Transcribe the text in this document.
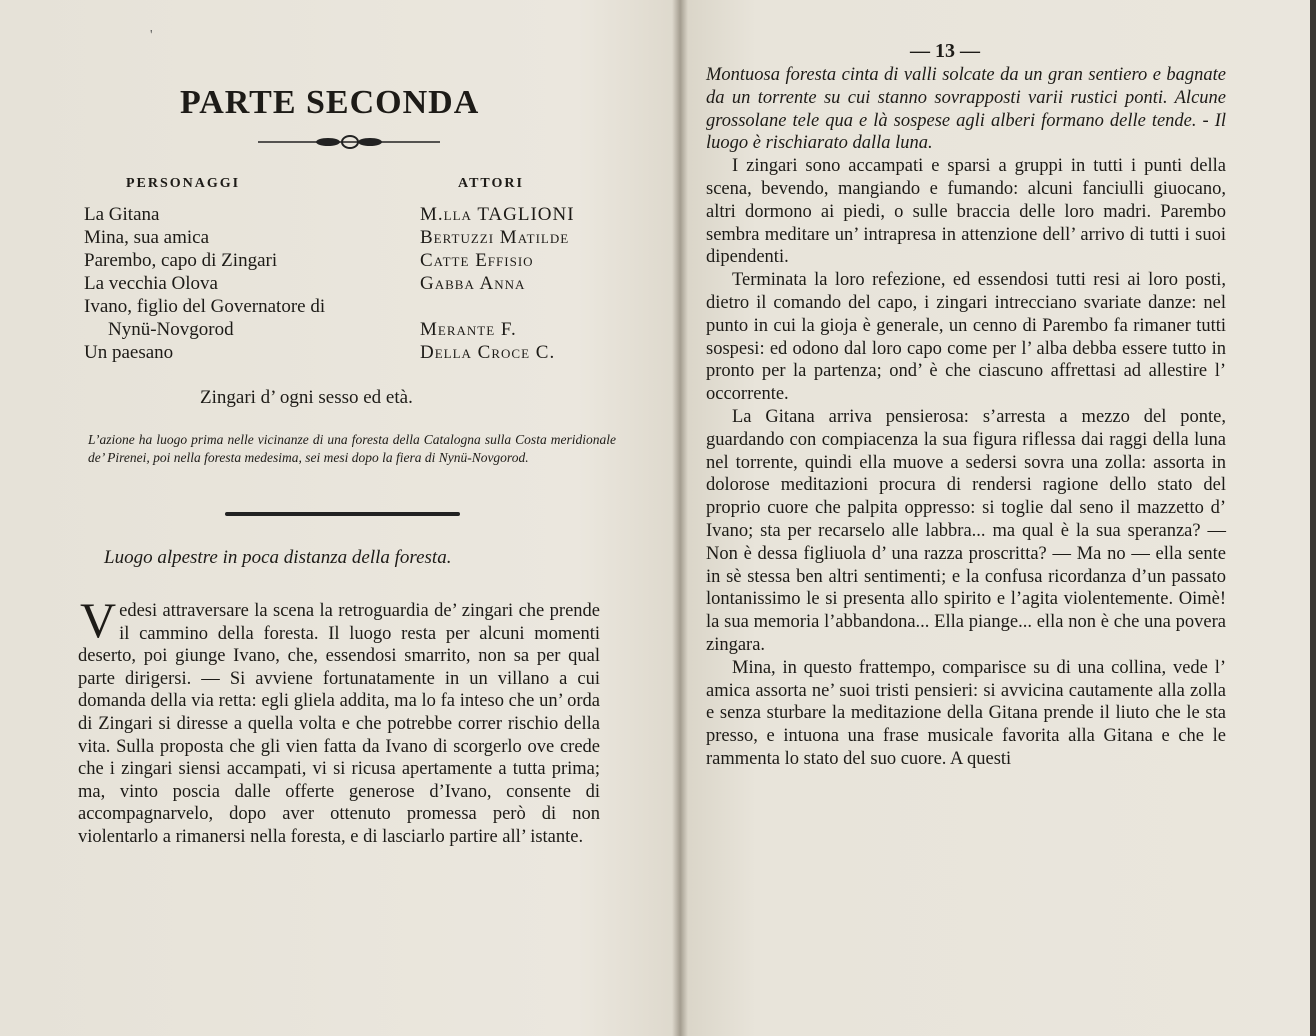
'
PARTE SECONDA
PERSONAGGI	ATTORI
La Gitana
Mina, sua amica
Parembo, capo di Zingari
La vecchia Olova
Ivano, figlio del Governatore di
Nynü-Novgorod
Un paesano
M.lla TAGLIONI
Bertuzzi Matilde
Catte Effisio
Gabba Anna

Merante F.
Della Croce C.
Zingari d’ ogni sesso ed età.
L’azione ha luogo prima nelle vicinanze di una foresta della Catalogna sulla Costa meridionale de’ Pirenei, poi nella foresta medesima, sei mesi dopo la fiera di Nynü-Novgorod.
Luogo alpestre in poca distanza della foresta.
Vedesi attraversare la scena la retroguardia de’ zingari che prende il cammino della foresta. Il luogo resta per alcuni momenti deserto, poi giunge Ivano, che, essendosi smarrito, non sa per qual parte dirigersi. — Si avviene fortunatamente in un villano a cui domanda della via retta: egli gliela addita, ma lo fa inteso che un’ orda di Zingari si diresse a quella volta e che potrebbe correr rischio della vita. Sulla proposta che gli vien fatta da Ivano di scorgerlo ove crede che i zingari siensi accampati, vi si ricusa apertamente a tutta prima; ma, vinto poscia dalle offerte generose d’Ivano, consente di accompagnarvelo, dopo aver ottenuto promessa però di non violentarlo a rimanersi nella foresta, e di lasciarlo partire all’ istante.
— 13 —

Montuosa foresta cinta di valli solcate da un gran sentiero e bagnate da un torrente su cui stanno sovrapposti varii rustici ponti. Alcune grossolane tele qua e là sospese agli alberi formano delle tende. - Il luogo è rischiarato dalla luna.

I zingari sono accampati e sparsi a gruppi in tutti i punti della scena, bevendo, mangiando e fumando: alcuni fanciulli giuocano, altri dormono ai piedi, o sulle braccia delle loro madri. Parembo sembra meditare un’ intrapresa in attenzione dell’ arrivo di tutti i suoi dipendenti.

Terminata la loro refezione, ed essendosi tutti resi ai loro posti, dietro il comando del capo, i zingari intrecciano svariate danze: nel punto in cui la gioja è generale, un cenno di Parembo fa rimaner tutti sospesi: ed odono dal loro capo come per l’ alba debba essere tutto in pronto per la partenza; ond’ è che ciascuno affrettasi ad allestire l’ occorrente.

La Gitana arriva pensierosa: s’arresta a mezzo del ponte, guardando con compiacenza la sua figura riflessa dai raggi della luna nel torrente, quindi ella muove a sedersi sovra una zolla: assorta in dolorose meditazioni procura di rendersi ragione dello stato del proprio cuore che palpita oppresso: si toglie dal seno il mazzetto d’ Ivano; sta per recarselo alle labbra... ma qual è la sua speranza? — Non è dessa figliuola d’ una razza proscritta? — Ma no — ella sente in sè stessa ben altri sentimenti; e la confusa ricordanza d’un passato lontanissimo le si presenta allo spirito e l’agita violentemente. Oimè! la sua memoria l’abbandona... Ella piange... ella non è che una povera zingara.

Mina, in questo frattempo, comparisce su di una collina, vede l’ amica assorta ne’ suoi tristi pensieri: si avvicina cautamente alla zolla e senza sturbare la meditazione della Gitana prende il liuto che le sta presso, e intuona una frase musicale favorita alla Gitana e che le rammenta lo stato del suo cuore. A questi
